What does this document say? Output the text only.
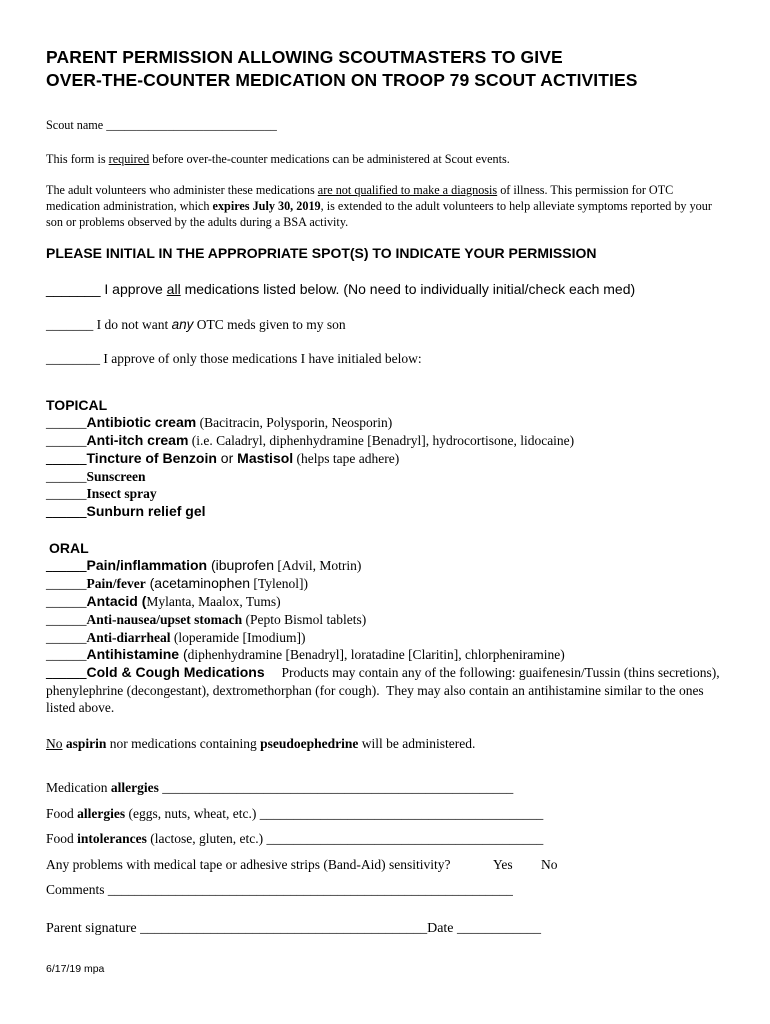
PARENT PERMISSION ALLOWING SCOUTMASTERS TO GIVE
OVER-THE-COUNTER MEDICATION ON TROOP 79 SCOUT ACTIVITIES
Scout name ____________________________
This form is required before over-the-counter medications can be administered at Scout events.
The adult volunteers who administer these medications are not qualified to make a diagnosis of illness. This permission for OTC medication administration, which expires July 30, 2019, is extended to the adult volunteers to help alleviate symptoms reported by your son or problems observed by the adults during a BSA activity.
PLEASE INITIAL IN THE APPROPRIATE SPOT(S) TO INDICATE YOUR PERMISSION
_______ I approve all medications listed below. (No need to individually initial/check each med)
_______ I do not want any OTC meds given to my son
________ I approve of only those medications I have initialed below:
TOPICAL
______Antibiotic cream (Bacitracin, Polysporin, Neosporin)
______Anti-itch cream (i.e. Caladryl, diphenhydramine [Benadryl], hydrocortisone, lidocaine)
______Tincture of Benzoin or Mastisol (helps tape adhere)
______Sunscreen
______Insect spray
______Sunburn relief gel
ORAL
______Pain/inflammation (ibuprofen [Advil, Motrin)
______Pain/fever (acetaminophen [Tylenol])
______Antacid (Mylanta, Maalox, Tums)
______Anti-nausea/upset stomach (Pepto Bismol tablets)
______Anti-diarrheal (loperamide [Imodium])
______Antihistamine (diphenhydramine [Benadryl], loratadine [Claritin], chlorpheniramine)
______Cold & Cough Medications     Products may contain any of the following: guaifenesin/Tussin (thins secretions), phenylephrine (decongestant), dextromethorphan (for cough).  They may also contain an antihistamine similar to the ones listed above.
No aspirin nor medications containing pseudoephedrine will be administered.
Medication allergies ____________________________________________________
Food allergies (eggs, nuts, wheat, etc.) __________________________________________
Food intolerances (lactose, gluten, etc.) _________________________________________
Any problems with medical tape or adhesive strips (Band-Aid) sensitivity?	Yes No
Comments ____________________________________________________________
Parent signature _________________________________________Date ____________
6/17/19 mpa
